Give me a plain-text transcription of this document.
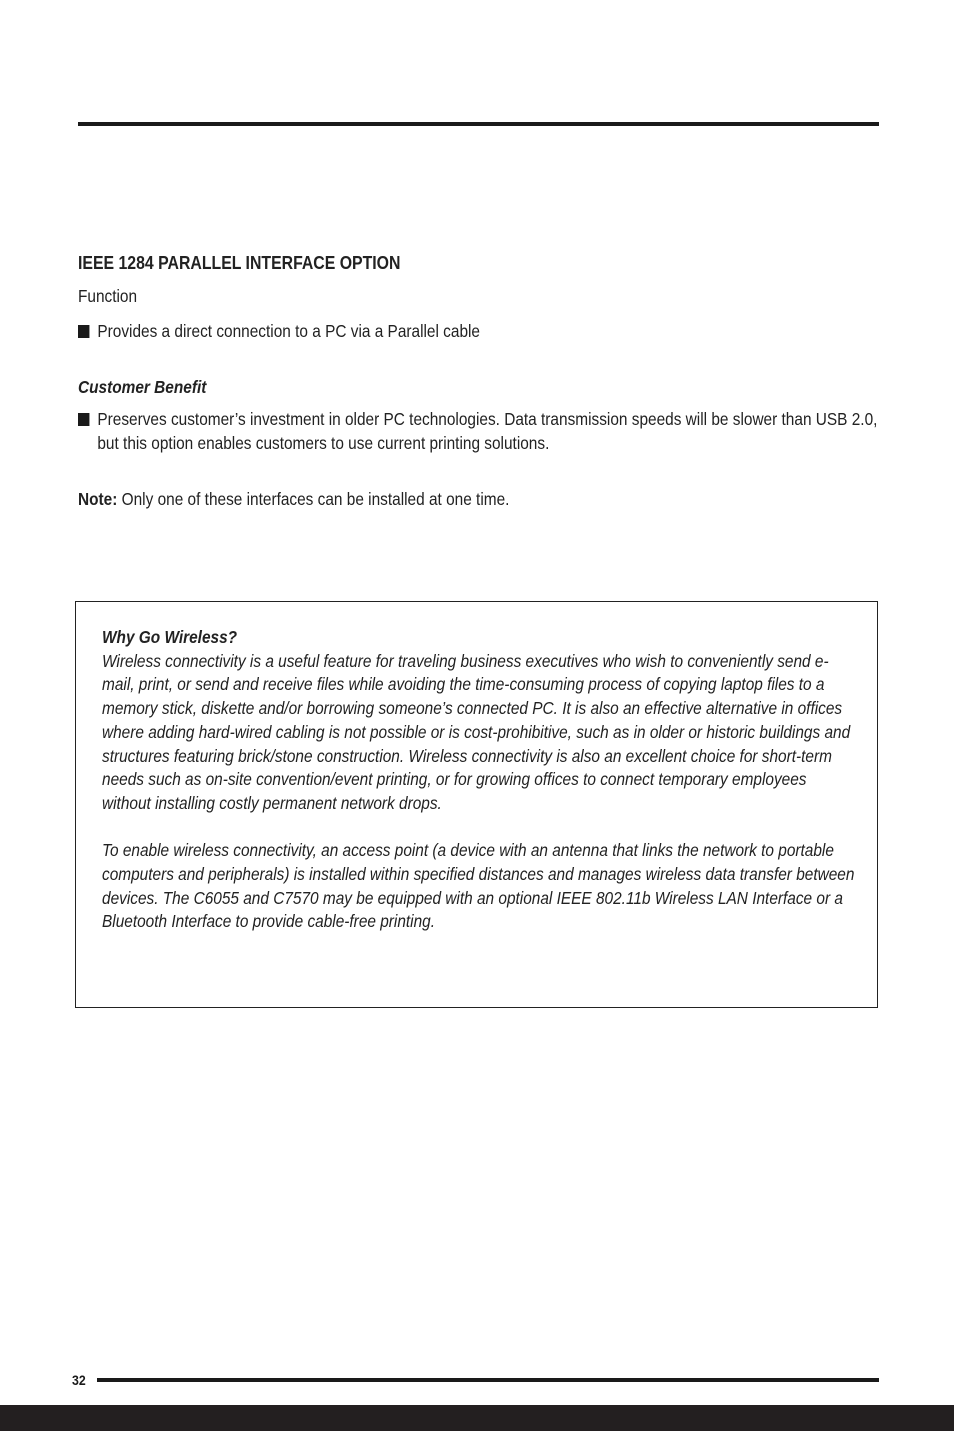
IEEE 1284 PARALLEL INTERFACE OPTION

Function

Provides a direct connection to a PC via a Parallel cable

Customer Benefit

Preserves customer’s investment in older PC technologies. Data transmission speeds will be slower than USB 2.0, but this option enables customers to use current printing solutions.

Note: Only one of these interfaces can be installed at one time.

Why Go Wireless?

Wireless connectivity is a useful feature for traveling business executives who wish to conveniently send e-mail, print, or send and receive files while avoiding the time-consuming process of copying laptop files to a memory stick, diskette and/or borrowing someone’s connected PC. It is also an effective alternative in offices where adding hard-wired cabling is not possible or is cost-prohibitive, such as in older or historic buildings and structures featuring brick/stone construction. Wireless connectivity is also an excellent choice for short-term needs such as on-site convention/event printing, or for growing offices to connect temporary employees without installing costly permanent network drops.

To enable wireless connectivity, an access point (a device with an antenna that links the network to portable computers and peripherals) is installed within specified distances and manages wireless data transfer between devices. The C6055 and C7570 may be equipped with an optional IEEE 802.11b Wireless LAN Interface or a Bluetooth Interface to provide cable-free printing.

32
